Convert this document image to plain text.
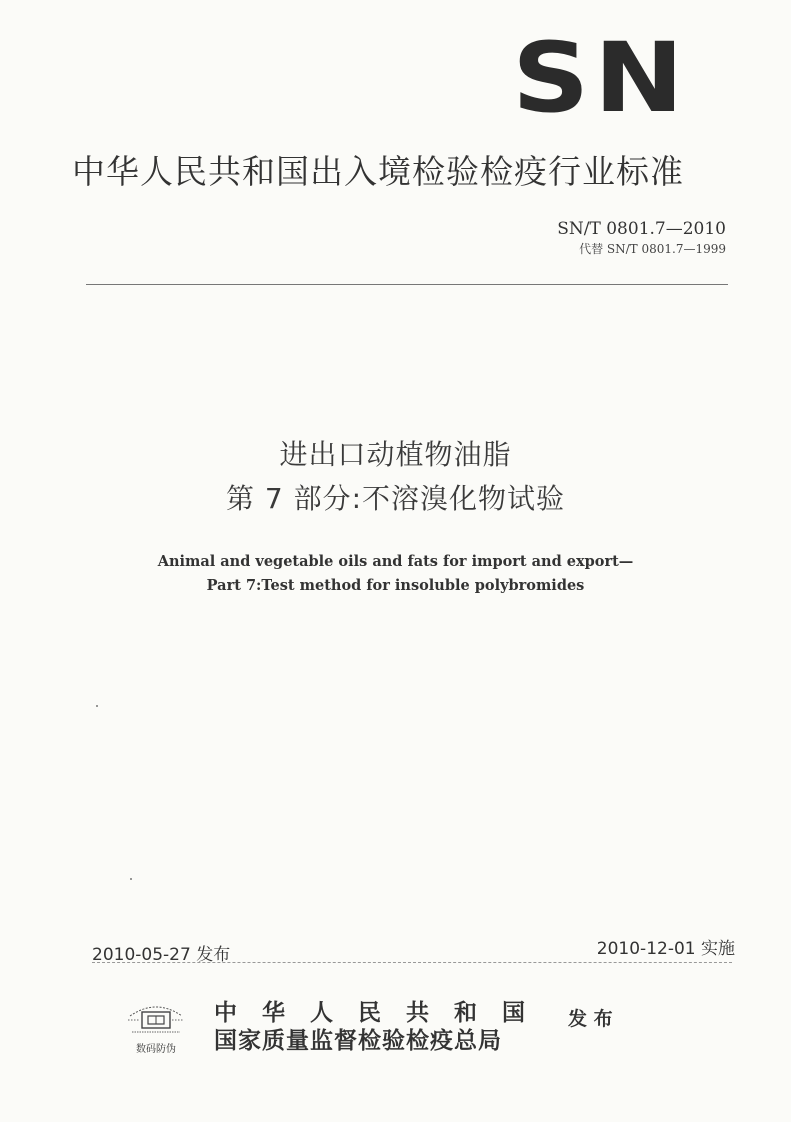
SN
中华人民共和国出入境检验检疫行业标准
SN/T 0801.7—2010
代替 SN/T 0801.7—1999
进出口动植物油脂
第 7 部分:不溶溴化物试验
Animal and vegetable oils and fats for import and export—
Part 7:Test method for insoluble polybromides
2010-05-27 发布	2010-12-01 实施
数码防伪
中　华　人　民　共　和　国
国家质量监督检验检疫总局
发 布
